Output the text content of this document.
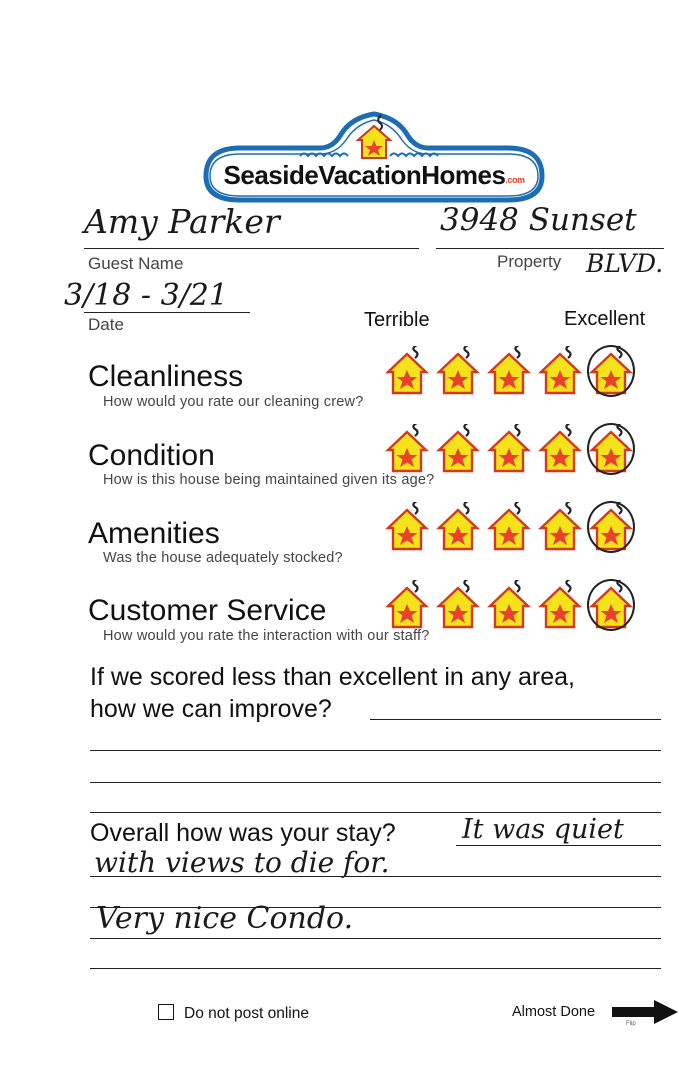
SeasideVacationHomes.com
Amy Parker
Guest Name
3948 Sunset
Property BLVD.
3/18 - 3/21
Date	Terrible	Excellent
Cleanliness
How would you rate our cleaning crew?
Condition
How is this house being maintained given its age?
Amenities
Was the house adequately stocked?
Customer Service
How would you rate the interaction with our staff?
If we scored less than excellent in any area,
how we can improve?
Overall how was your stay? It was quiet
with views to die for.
Very nice Condo.
Do not post online	Almost Done
Flip
